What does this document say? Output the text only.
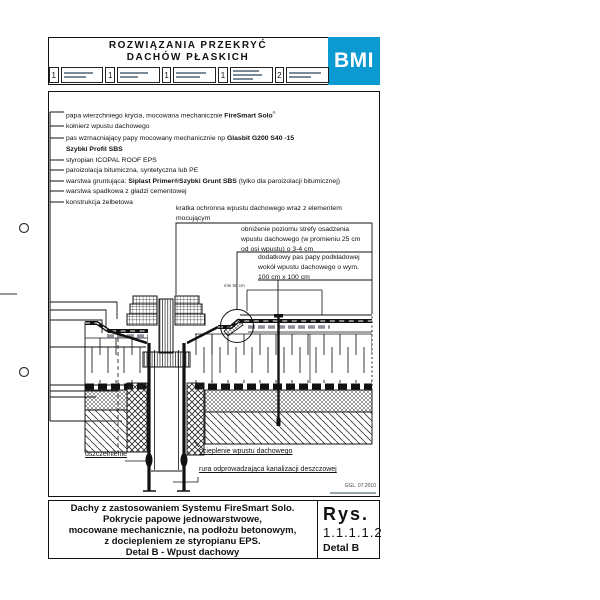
ROZWIĄZANIA PRZEKRYĆ
DACHÓW PŁASKICH	BMI
1	1	1	1	2
papa wierzchniego krycia, mocowana mechanicznie FireSmart Solo®
kołnierz wpustu dachowego
pas wzmacniający papy mocowany mechanicznie np Glasbit G200 S40 -15
Szybki Profil SBS
styropian ICOPAL ROOF EPS
paroizolacja bitumiczna, syntetyczna lub PE
warstwa gruntująca: Siplast Primer®Szybki Grunt SBS (tylko dla paroizolacji bitumicznej)
warstwa spadkowa z gładzi cementowej
konstrukcja żelbetowa
kratka ochronna wpustu dachowego wraz z elementem
mocującym
obniżenie poziomu strefy osadzenia
wpustu dachowego (w promieniu 25 cm
od osi wpustu) o 3-4 cm
dodatkowy pas papy podkładowej
wokół wpustu dachowego o wym.
100 cm x 100 cm
min 50 cm
uszczelnienie	ocieplenie wpustu dachowego
rura odprowadzająca kanalizacji deszczowej
GGL. 07.2010
Dachy z zastosowaniem Systemu FireSmart Solo.
Pokrycie papowe jednowarstwowe,
mocowane mechanicznie, na podłożu betonowym,
z dociepleniem ze styropianu EPS.
Detal B - Wpust dachowy
Rys.
1.1.1.1.2
Detal B
